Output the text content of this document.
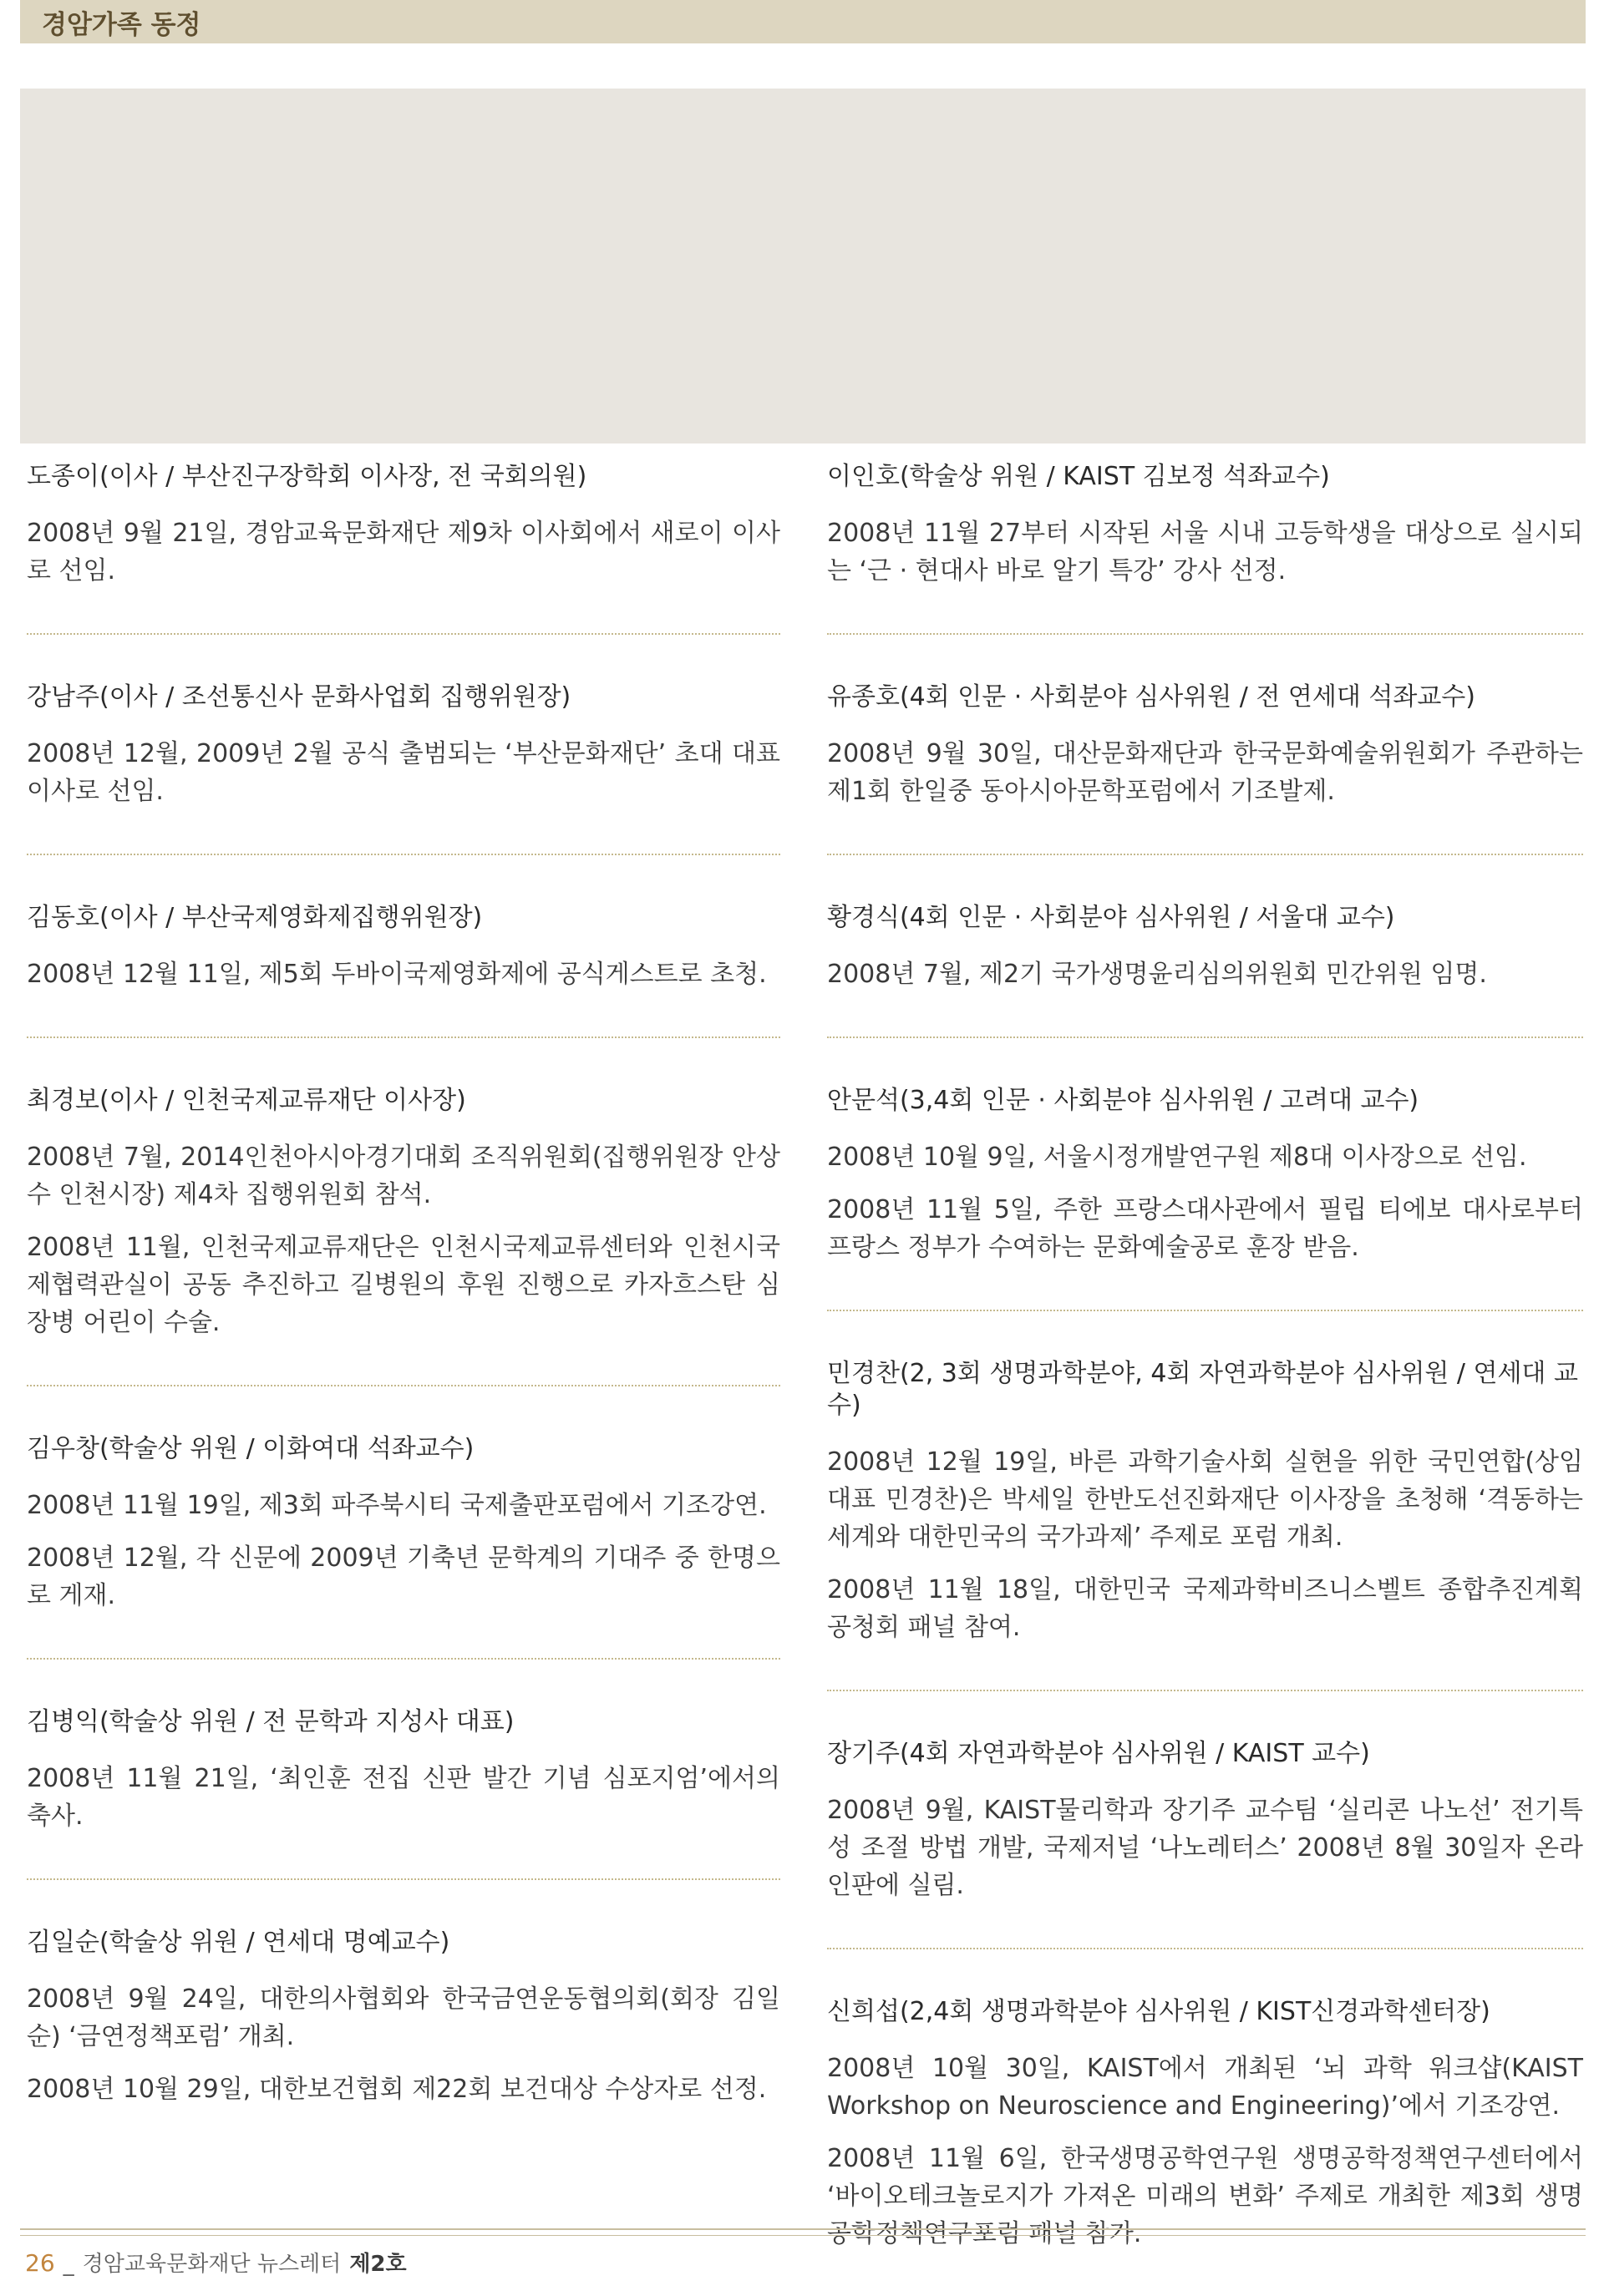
경암가족 동정

도종이(이사 / 부산진구장학회 이사장, 전 국회의원)

2008년 9월 21일, 경암교육문화재단 제9차 이사회에서 새로이 이사로 선임.

강남주(이사 / 조선통신사 문화사업회 집행위원장)

2008년 12월, 2009년 2월 공식 출범되는 ‘부산문화재단’ 초대 대표이사로 선임.

김동호(이사 / 부산국제영화제집행위원장)

2008년 12월 11일, 제5회 두바이국제영화제에 공식게스트로 초청.

최경보(이사 / 인천국제교류재단 이사장)

2008년 7월, 2014인천아시아경기대회 조직위원회(집행위원장 안상수 인천시장) 제4차 집행위원회 참석.

2008년 11월, 인천국제교류재단은 인천시국제교류센터와 인천시국제협력관실이 공동 추진하고 길병원의 후원 진행으로 카자흐스탄 심장병 어린이 수술.

김우창(학술상 위원 / 이화여대 석좌교수)

2008년 11월 19일, 제3회 파주북시티 국제출판포럼에서 기조강연.

2008년 12월, 각 신문에 2009년 기축년 문학계의 기대주 중 한명으로 게재.

김병익(학술상 위원 / 전 문학과 지성사 대표)

2008년 11월 21일, ‘최인훈 전집 신판 발간 기념 심포지엄’에서의 축사.

김일순(학술상 위원 / 연세대 명예교수)

2008년 9월 24일, 대한의사협회와 한국금연운동협의회(회장 김일순) ‘금연정책포럼’ 개최.

2008년 10월 29일, 대한보건협회 제22회 보건대상 수상자로 선정.

이인호(학술상 위원 / KAIST 김보정 석좌교수)

2008년 11월 27부터 시작된 서울 시내 고등학생을 대상으로 실시되는 ‘근 · 현대사 바로 알기 특강’ 강사 선정.

유종호(4회 인문 · 사회분야 심사위원 / 전 연세대 석좌교수)

2008년 9월 30일, 대산문화재단과 한국문화예술위원회가 주관하는 제1회 한일중 동아시아문학포럼에서 기조발제.

황경식(4회 인문 · 사회분야 심사위원 / 서울대 교수)

2008년 7월, 제2기 국가생명윤리심의위원회 민간위원 임명.

안문석(3,4회 인문 · 사회분야 심사위원 / 고려대 교수)

2008년 10월 9일, 서울시정개발연구원 제8대 이사장으로 선임.

2008년 11월 5일, 주한 프랑스대사관에서 필립 티에보 대사로부터 프랑스 정부가 수여하는 문화예술공로 훈장 받음.

민경찬(2, 3회 생명과학분야, 4회 자연과학분야 심사위원 / 연세대 교수)

2008년 12월 19일, 바른 과학기술사회 실현을 위한 국민연합(상임대표 민경찬)은 박세일 한반도선진화재단 이사장을 초청해 ‘격동하는 세계와 대한민국의 국가과제’ 주제로 포럼 개최.

2008년 11월 18일, 대한민국 국제과학비즈니스벨트 종합추진계획 공청회 패널 참여.

장기주(4회 자연과학분야 심사위원 / KAIST 교수)

2008년 9월, KAIST물리학과 장기주 교수팀 ‘실리콘 나노선’ 전기특성 조절 방법 개발, 국제저널 ‘나노레터스’ 2008년 8월 30일자 온라인판에 실림.

신희섭(2,4회 생명과학분야 심사위원 / KIST신경과학센터장)

2008년 10월 30일, KAIST에서 개최된 ‘뇌 과학 워크샵(KAIST Workshop on Neuroscience and Engineering)’에서 기조강연.

2008년 11월 6일, 한국생명공학연구원 생명공학정책연구센터에서 ‘바이오테크놀로지가 가져온 미래의 변화’ 주제로 개최한 제3회 생명공학정책연구포럼 패널 참가.

26 _ 경암교육문화재단 뉴스레터 제2호
